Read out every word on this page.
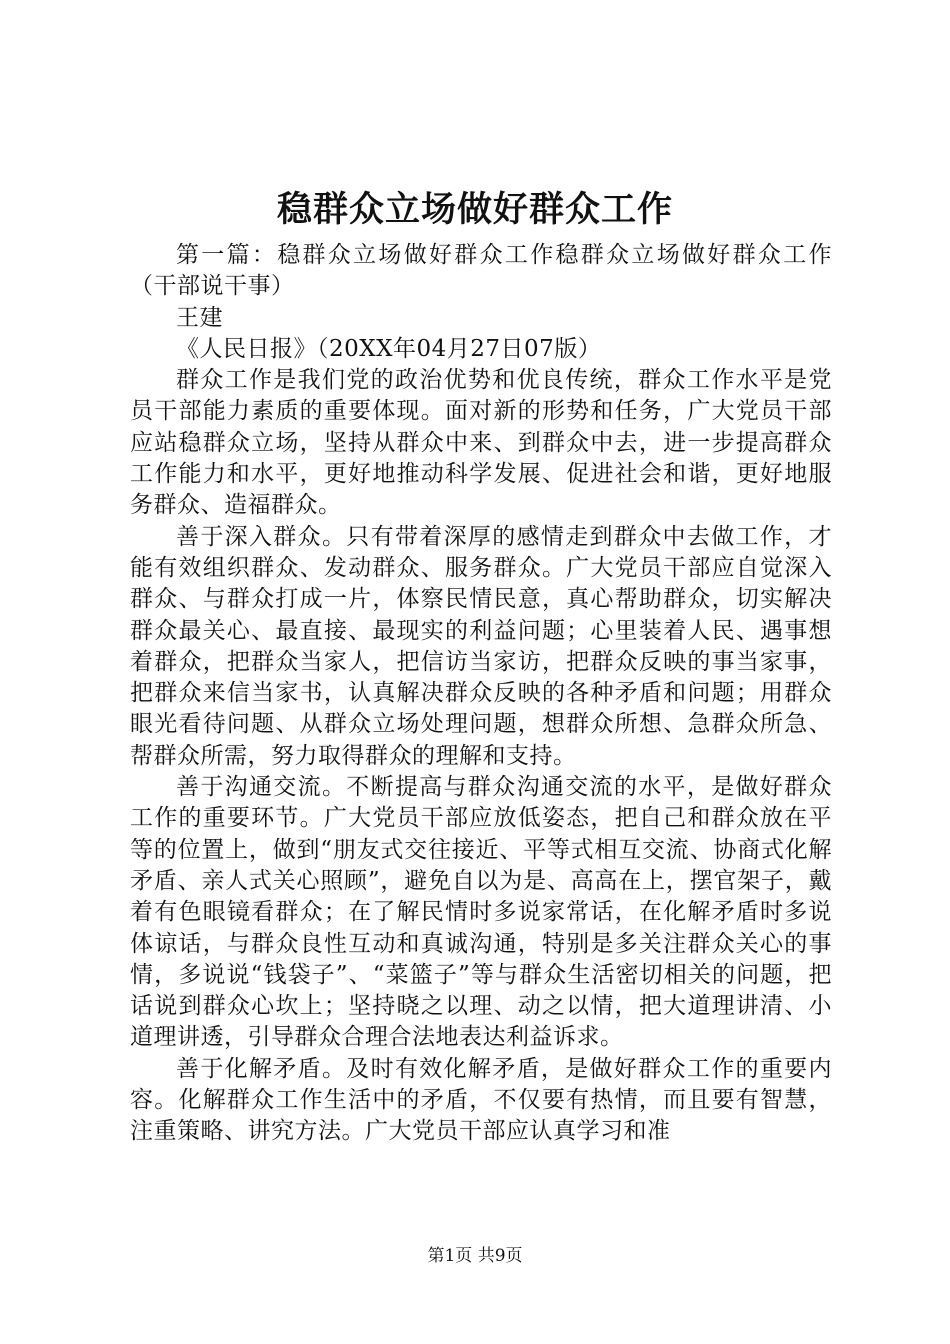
稳群众立场做好群众工作

第一篇：稳群众立场做好群众工作稳群众立场做好群众工作（干部说干事）

王建

《人民日报》（20XX年04月27日07版）

群众工作是我们党的政治优势和优良传统，群众工作水平是党员干部能力素质的重要体现。面对新的形势和任务，广大党员干部应站稳群众立场，坚持从群众中来、到群众中去，进一步提高群众工作能力和水平，更好地推动科学发展、促进社会和谐，更好地服务群众、造福群众。

善于深入群众。只有带着深厚的感情走到群众中去做工作，才能有效组织群众、发动群众、服务群众。广大党员干部应自觉深入群众、与群众打成一片，体察民情民意，真心帮助群众，切实解决群众最关心、最直接、最现实的利益问题；心里装着人民、遇事想着群众，把群众当家人，把信访当家访，把群众反映的事当家事，把群众来信当家书，认真解决群众反映的各种矛盾和问题；用群众眼光看待问题、从群众立场处理问题，想群众所想、急群众所急、帮群众所需，努力取得群众的理解和支持。

善于沟通交流。不断提高与群众沟通交流的水平，是做好群众工作的重要环节。广大党员干部应放低姿态，把自己和群众放在平等的位置上，做到“朋友式交往接近、平等式相互交流、协商式化解矛盾、亲人式关心照顾”，避免自以为是、高高在上，摆官架子，戴着有色眼镜看群众；在了解民情时多说家常话，在化解矛盾时多说体谅话，与群众良性互动和真诚沟通，特别是多关注群众关心的事情，多说说“钱袋子”、“菜篮子”等与群众生活密切相关的问题，把话说到群众心坎上；坚持晓之以理、动之以情，把大道理讲清、小道理讲透，引导群众合理合法地表达利益诉求。

善于化解矛盾。及时有效化解矛盾，是做好群众工作的重要内容。化解群众工作生活中的矛盾，不仅要有热情，而且要有智慧，注重策略、讲究方法。广大党员干部应认真学习和准

第1页 共9页
